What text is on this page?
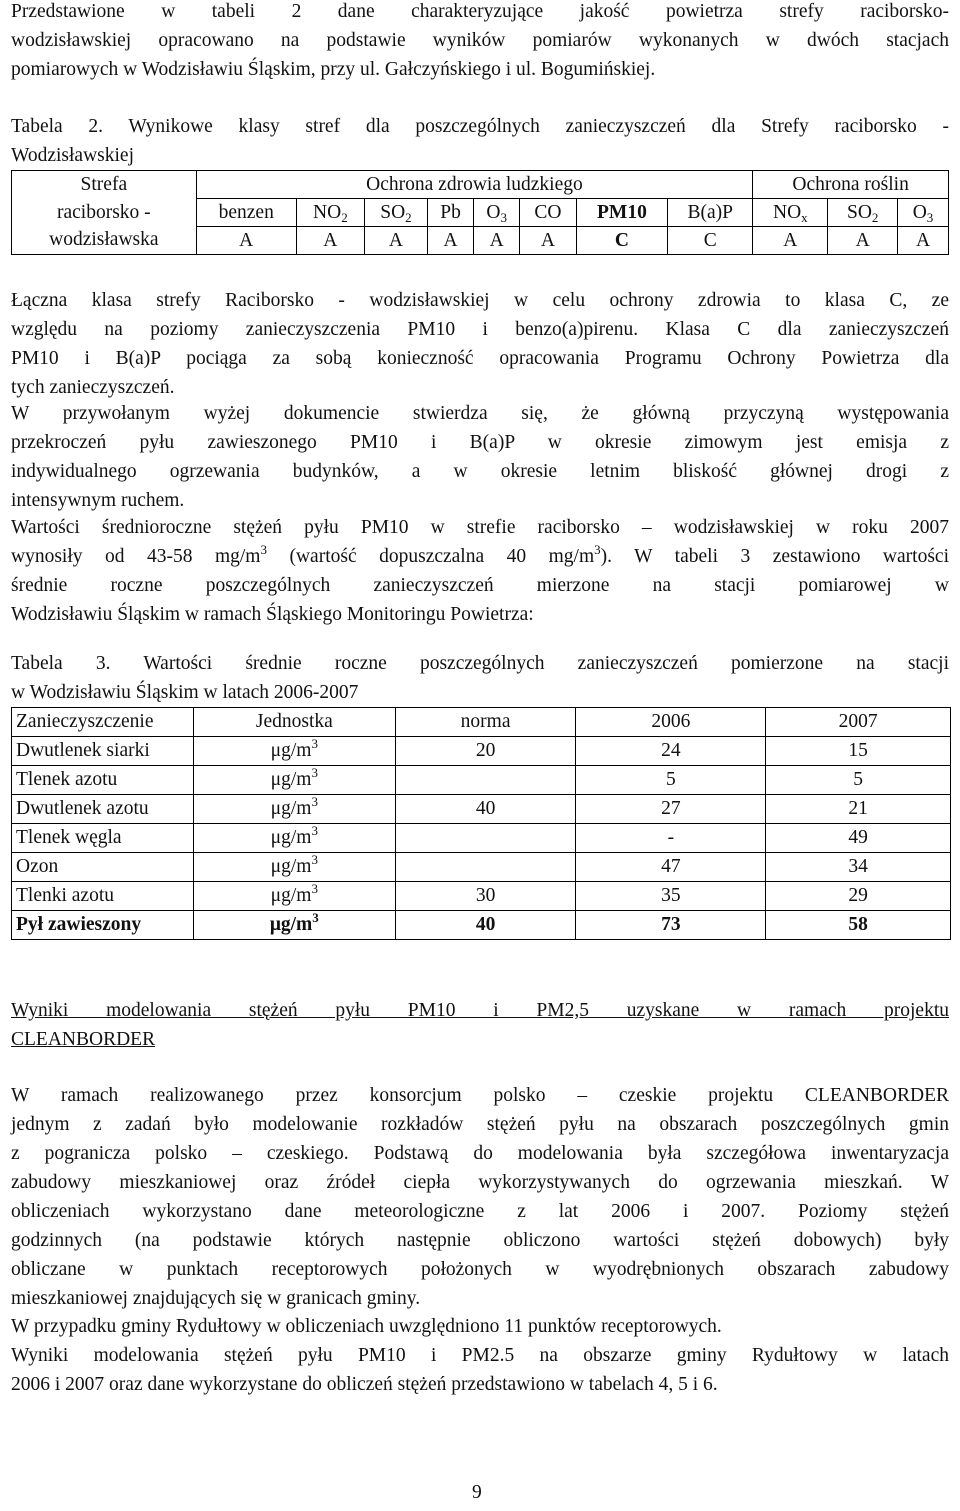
Przedstawione w tabeli 2 dane charakteryzujące jakość powietrza strefy raciborsko-
wodzisławskiej opracowano na podstawie wyników pomiarów wykonanych w dwóch stacjach
pomiarowych w Wodzisławiu Śląskim, przy ul. Gałczyńskiego i ul. Bogumińskiej.
Tabela 2. Wynikowe klasy stref dla poszczególnych zanieczyszczeń dla Strefy raciborsko -
Wodzisławskiej
Strefa	Ochrona zdrowia ludzkiego								Ochrona roślin		
raciborsko -	benzen	$NO_2$	$SO_2$	Pb	$O_3$	CO	PM10	B(a)P	$NO_x$	$SO_2$	$O_3$
wodzisławska	A	A	A	A	A	A	C	C	A	A	A
Łączna klasa strefy Raciborsko - wodzisławskiej w celu ochrony zdrowia to klasa C, ze
względu na poziomy zanieczyszczenia PM10 i benzo(a)pirenu. Klasa C dla zanieczyszczeń
PM10 i B(a)P pociąga za sobą konieczność opracowania Programu Ochrony Powietrza dla
tych zanieczyszczeń.
W przywołanym wyżej dokumencie stwierdza się, że główną przyczyną występowania
przekroczeń pyłu zawieszonego PM10 i B(a)P w okresie zimowym jest emisja z
indywidualnego ogrzewania budynków, a w okresie letnim bliskość głównej drogi z
intensywnym ruchem.
Wartości średnioroczne stężeń pyłu PM10 w strefie raciborsko – wodzisławskiej w roku 2007
wynosiły od 43-58 $mg/m^3$ (wartość dopuszczalna 40 $mg/m^3$). W tabeli 3 zestawiono wartości
średnie roczne poszczególnych zanieczyszczeń mierzone na stacji pomiarowej w
Wodzisławiu Śląskim w ramach Śląskiego Monitoringu Powietrza:
Tabela 3. Wartości średnie roczne poszczególnych zanieczyszczeń pomierzone na stacji
w Wodzisławiu Śląskim w latach 2006-2007
Zanieczyszczenie	Jednostka	norma	2006	2007
Dwutlenek siarki	$\mu g/m^3$	20	24	15
Tlenek azotu	$\mu g/m^3$		5	5
Dwutlenek azotu	$\mu g/m^3$	40	27	21
Tlenek węgla	$\mu g/m^3$		-	49
Ozon	$\mu g/m^3$		47	34
Tlenki azotu	$\mu g/m^3$	30	35	29
Pył zawieszony	$\mu g/m^3$	40	73	58
Wyniki modelowania stężeń pyłu PM10 i PM2,5 uzyskane w ramach projektu
CLEANBORDER
W ramach realizowanego przez konsorcjum polsko – czeskie projektu CLEANBORDER
jednym z zadań było modelowanie rozkładów stężeń pyłu na obszarach poszczególnych gmin
z pogranicza polsko – czeskiego. Podstawą do modelowania była szczegółowa inwentaryzacja
zabudowy mieszkaniowej oraz źródeł ciepła wykorzystywanych do ogrzewania mieszkań. W
obliczeniach wykorzystano dane meteorologiczne z lat 2006 i 2007. Poziomy stężeń
godzinnych (na podstawie których następnie obliczono wartości stężeń dobowych) były
obliczane w punktach receptorowych położonych w wyodrębnionych obszarach zabudowy
mieszkaniowej znajdujących się w granicach gminy.
W przypadku gminy Rydułtowy w obliczeniach uwzględniono 11 punktów receptorowych.
Wyniki modelowania stężeń pyłu PM10 i PM2.5 na obszarze gminy Rydułtowy w latach
2006 i 2007 oraz dane wykorzystane do obliczeń stężeń przedstawiono w tabelach 4, 5 i 6.
9
